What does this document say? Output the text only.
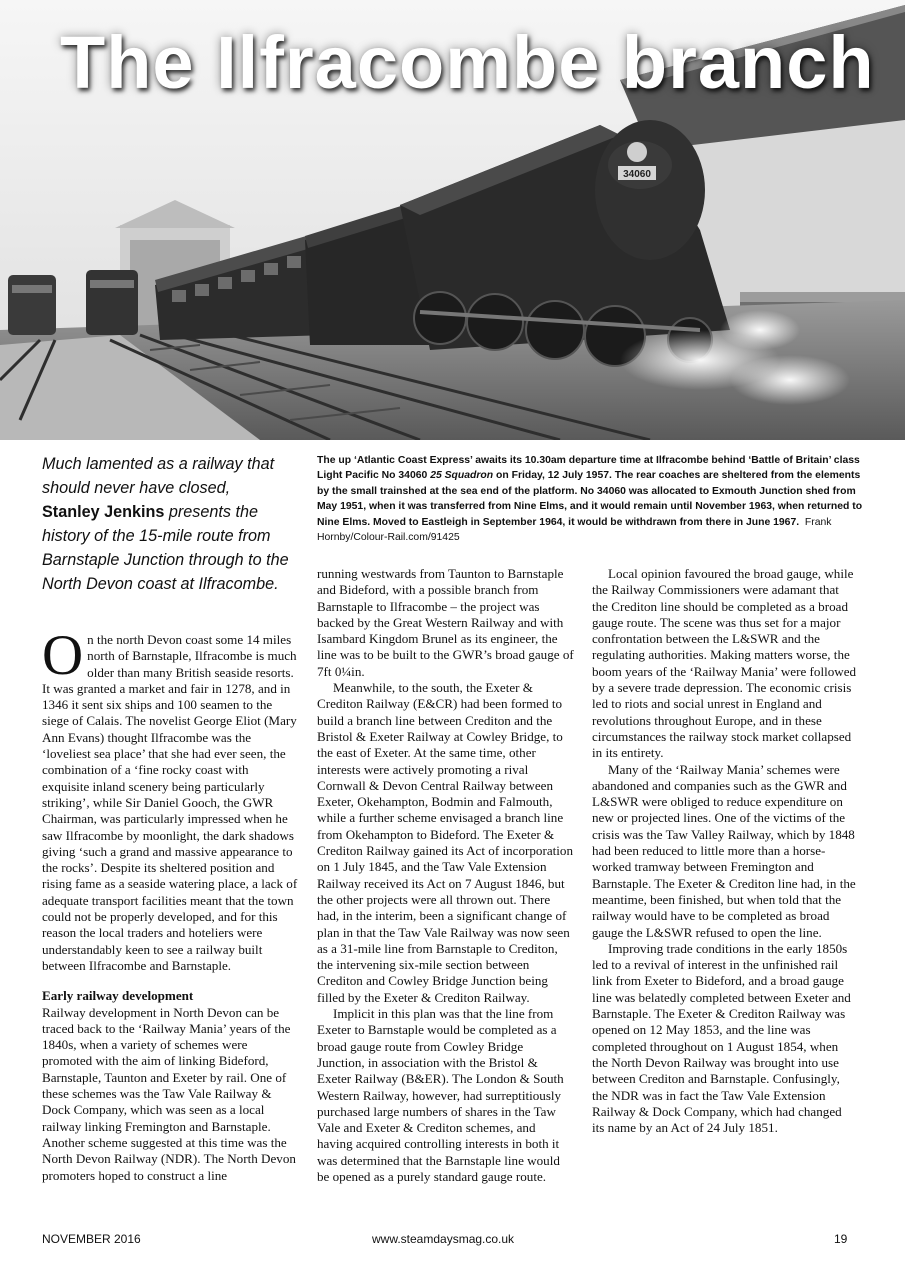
34060
The Ilfracombe branch

Much lamented as a railway that should never have closed, Stanley Jenkins presents the history of the 15-mile route from Barnstaple Junction through to the North Devon coast at Ilfracombe.

The up ‘Atlantic Coast Express’ awaits its 10.30am departure time at Ilfracombe behind ‘Battle of Britain’ class Light Pacific No 34060 25 Squadron on Friday, 12 July 1957. The rear coaches are sheltered from the elements by the small trainshed at the sea end of the platform. No 34060 was allocated to Exmouth Junction shed from May 1951, when it was transferred from Nine Elms, and it would remain until November 1963, when returned to Nine Elms. Moved to Eastleigh in September 1964, it would be withdrawn from there in June 1967. Frank Hornby/Colour-Rail.com/91425

On the north Devon coast some 14 miles north of Barnstaple, Ilfracombe is much older than many British seaside resorts. It was granted a market and fair in 1278, and in 1346 it sent six ships and 100 seamen to the siege of Calais. The novelist George Eliot (Mary Ann Evans) thought Ilfracombe was the ‘loveliest sea place’ that she had ever seen, the combination of a ‘fine rocky coast with exquisite inland scenery being particularly striking’, while Sir Daniel Gooch, the GWR Chairman, was particularly impressed when he saw Ilfracombe by moonlight, the dark shadows giving ‘such a grand and massive appearance to the rocks’. Despite its sheltered position and rising fame as a seaside watering place, a lack of adequate transport facilities meant that the town could not be properly developed, and for this reason the local traders and hoteliers were understandably keen to see a railway built between Ilfracombe and Barnstaple.

Early railway development

Railway development in North Devon can be traced back to the ‘Railway Mania’ years of the 1840s, when a variety of schemes were promoted with the aim of linking Bideford, Barnstaple, Taunton and Exeter by rail. One of these schemes was the Taw Vale Railway & Dock Company, which was seen as a local railway linking Fremington and Barnstaple. Another scheme suggested at this time was the North Devon Railway (NDR). The North Devon promoters hoped to construct a line

running westwards from Taunton to Barnstaple and Bideford, with a possible branch from Barnstaple to Ilfracombe – the project was backed by the Great Western Railway and with Isambard Kingdom Brunel as its engineer, the line was to be built to the GWR’s broad gauge of 7ft 0¼in.

Meanwhile, to the south, the Exeter & Crediton Railway (E&CR) had been formed to build a branch line between Crediton and the Bristol & Exeter Railway at Cowley Bridge, to the east of Exeter. At the same time, other interests were actively promoting a rival Cornwall & Devon Central Railway between Exeter, Okehampton, Bodmin and Falmouth, while a further scheme envisaged a branch line from Okehampton to Bideford. The Exeter & Crediton Railway gained its Act of incorporation on 1 July 1845, and the Taw Vale Extension Railway received its Act on 7 August 1846, but the other projects were all thrown out. There had, in the interim, been a significant change of plan in that the Taw Vale Railway was now seen as a 31-mile line from Barnstaple to Crediton, the intervening six-mile section between Crediton and Cowley Bridge Junction being filled by the Exeter & Crediton Railway.

Implicit in this plan was that the line from Exeter to Barnstaple would be completed as a broad gauge route from Cowley Bridge Junction, in association with the Bristol & Exeter Railway (B&ER). The London & South Western Railway, however, had surreptitiously purchased large numbers of shares in the Taw Vale and Exeter & Crediton schemes, and having acquired controlling interests in both it was determined that the Barnstaple line would be opened as a purely standard gauge route.

Local opinion favoured the broad gauge, while the Railway Commissioners were adamant that the Crediton line should be completed as a broad gauge route. The scene was thus set for a major confrontation between the L&SWR and the regulating authorities. Making matters worse, the boom years of the ‘Railway Mania’ were followed by a severe trade depression. The economic crisis led to riots and social unrest in England and revolutions throughout Europe, and in these circumstances the railway stock market collapsed in its entirety.

Many of the ‘Railway Mania’ schemes were abandoned and companies such as the GWR and L&SWR were obliged to reduce expenditure on new or projected lines. One of the victims of the crisis was the Taw Valley Railway, which by 1848 had been reduced to little more than a horse-worked tramway between Fremington and Barnstaple. The Exeter & Crediton line had, in the meantime, been finished, but when told that the railway would have to be completed as broad gauge the L&SWR refused to open the line.

Improving trade conditions in the early 1850s led to a revival of interest in the unfinished rail link from Exeter to Bideford, and a broad gauge line was belatedly completed between Exeter and Barnstaple. The Exeter & Crediton Railway was opened on 12 May 1853, and the line was completed throughout on 1 August 1854, when the North Devon Railway was brought into use between Crediton and Barnstaple. Confusingly, the NDR was in fact the Taw Vale Extension Railway & Dock Company, which had changed its name by an Act of 24 July 1851.

NOVEMBER 2016	www.steamdaysmag.co.uk	19
